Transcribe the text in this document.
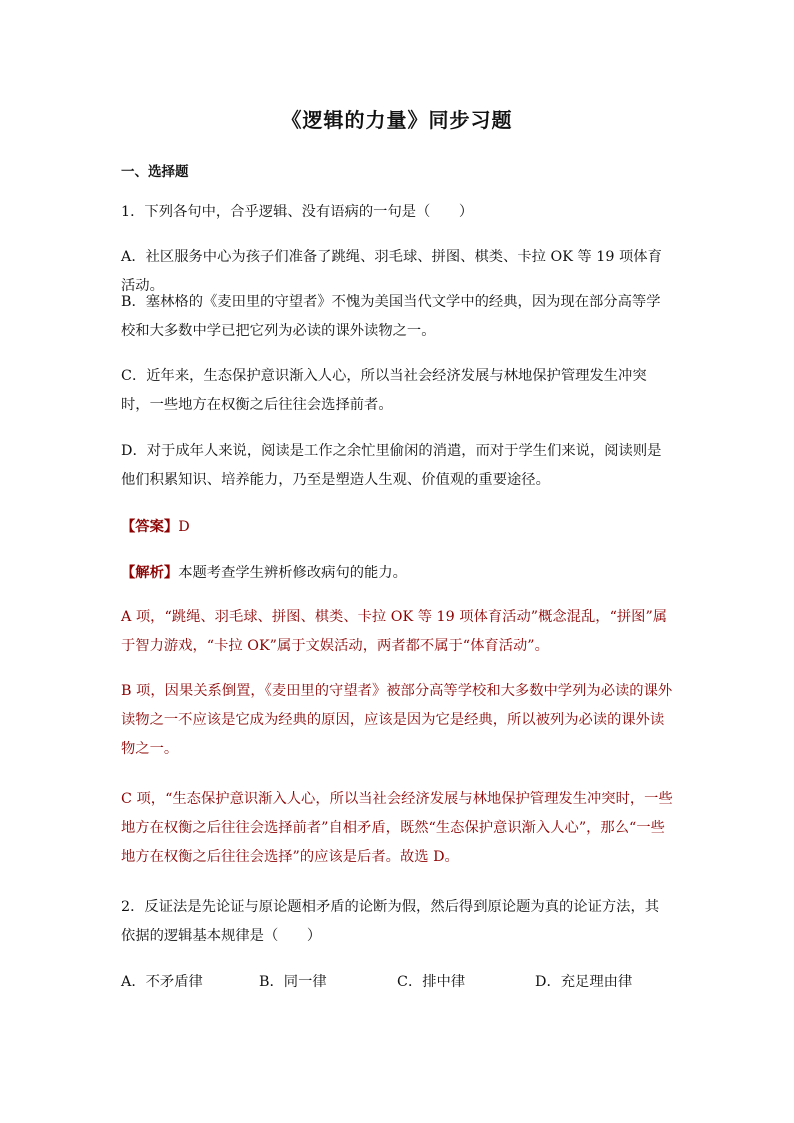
《逻辑的力量》同步习题
一、选择题
1．下列各句中，合乎逻辑、没有语病的一句是（　　）
A．社区服务中心为孩子们准备了跳绳、羽毛球、拼图、棋类、卡拉 OK 等 19 项体育活动。
B．塞林格的《麦田里的守望者》不愧为美国当代文学中的经典，因为现在部分高等学校和大多数中学已把它列为必读的课外读物之一。
C．近年来，生态保护意识渐入人心，所以当社会经济发展与林地保护管理发生冲突时，一些地方在权衡之后往往会选择前者。
D．对于成年人来说，阅读是工作之余忙里偷闲的消遣，而对于学生们来说，阅读则是他们积累知识、培养能力，乃至是塑造人生观、价值观的重要途径。
【答案】D
【解析】本题考查学生辨析修改病句的能力。
A 项，“跳绳、羽毛球、拼图、棋类、卡拉 OK 等 19 项体育活动”概念混乱，“拼图”属于智力游戏，“卡拉 OK”属于文娱活动，两者都不属于“体育活动”。
B 项，因果关系倒置，《麦田里的守望者》被部分高等学校和大多数中学列为必读的课外读物之一不应该是它成为经典的原因，应该是因为它是经典，所以被列为必读的课外读物之一。
C 项，“生态保护意识渐入人心，所以当社会经济发展与林地保护管理发生冲突时，一些地方在权衡之后往往会选择前者”自相矛盾，既然“生态保护意识渐入人心”，那么“一些地方在权衡之后往往会选择”的应该是后者。故选 D。
2．反证法是先论证与原论题相矛盾的论断为假，然后得到原论题为真的论证方法，其依据的逻辑基本规律是（　　）
A．不矛盾律	B．同一律	C．排中律	D．充足理由律
